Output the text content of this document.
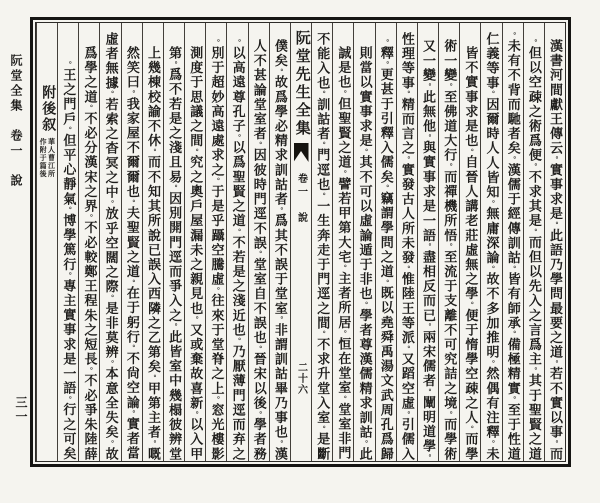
阮堂全集　卷一　說
三一
漢書河間獻王傳云。實事求是。此語乃學問最要之道。若不實以事。而
但以空疎之術爲便。不求其是。而但以先入之言爲主。其于聖賢之道。
未有不背而馳者矣。漢儒于經傳訓詁。皆有師承。備極精實。至于性道。
仁義等事。因爾時人人皆知。無庸深論。故不多加推明。然偶有注釋。未
皆不實事求是也。自晉人講老莊虛無之學。便于惰學空疎之人。而學
術一變。至佛道大行。而禪機所悟。至流于支離不可究詰之境。而學術
又一變。此無他。與實事求是一語。盡相反而已。兩宋儒者。闡明道學。
性理等事。精而言之。實發古人所未發。惟陸王等派。又蹈空虛。引儒入
釋。更甚于引釋入儒矣。竊謂學問之道。既以堯舜禹湯文武周孔爲歸。
則當以實事求是。其不可以虛論遁于非也。學者尊漢儒精求訓詁。此
誠是也。但聖賢之道。譬若甲第大宅。主者所居。恒在堂室。堂室非門
不能入也。訓詁者。門逕也。一生奔走于門逕之間。不求升堂入室。是斷
阮堂先生全集
卷一　說
二十六
僕矣。故爲學必精求訓詁者。爲其不誤于堂室。非謂訓詁畢乃事也。漢
人不甚論堂室者。因彼時門逕不誤。堂室自不誤也。晉宋以後。學者務
以高遠尊孔子。以爲聖賢之道。不若是之淺近也。乃厭薄門逕而弃之。
別于超妙高遠處求之。于是乎躡空騰虛。往來于堂脊之上。窓光樓影。
測度于思議之間。究之奧戶屋漏未之親見也。又或棄故喜新。以入甲
第。爲不若是之淺且易。因別開門逕而爭入之。此皆室中幾榻彼辨堂
上幾棟校諭不休。而不知其所說已誤入西隣之乙第矣。甲第主者。嘅
然笑曰。我家屋不爾爾也。夫聖賢之道。在于躬行。不尙空論。實者當
虛者無據。若索之杳冥之中。放乎空闊之際。是非莫辨。本意全失矣。故
爲學之道。不必分漢宋之界。不必較鄭王程朱之短長。不必爭朱陸薛
王之門戶。但平心靜氣。博學篤行。專主實事求是一語。行之可矣。
附後叙
華人曹江所
作附于篇後
